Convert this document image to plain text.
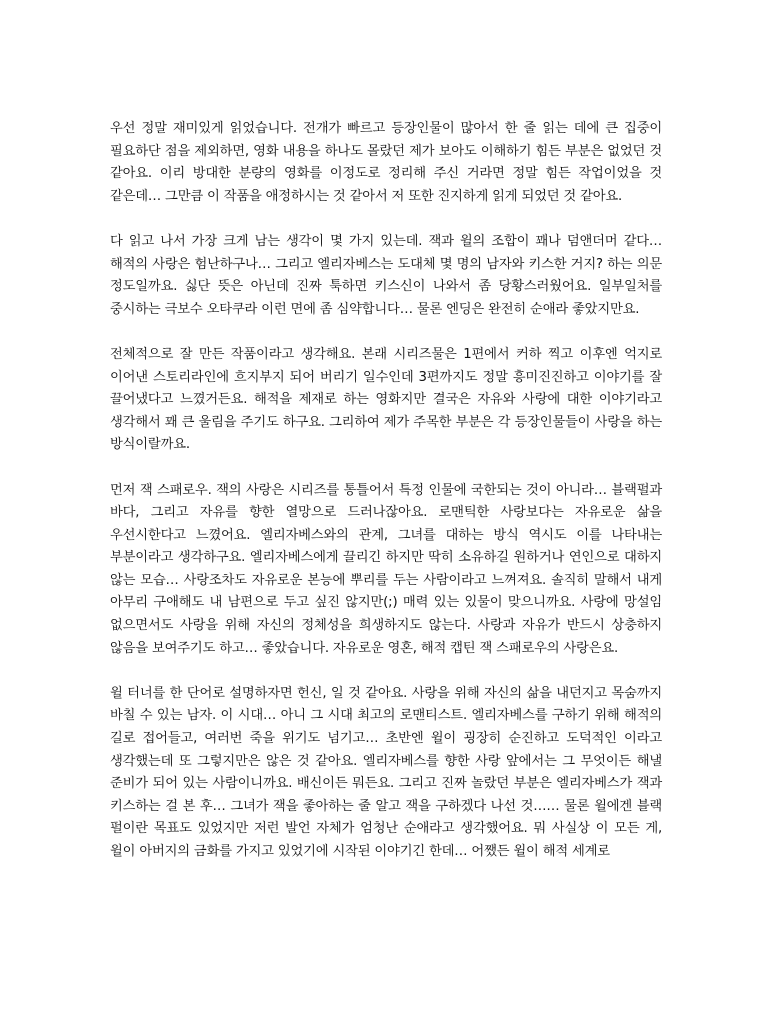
우선 정말 재미있게 읽었습니다. 전개가 빠르고 등장인물이 많아서 한 줄 읽는 데에 큰 집중이 필요하단 점을 제외하면, 영화 내용을 하나도 몰랐던 제가 보아도 이해하기 힘든 부분은 없었던 것 같아요. 이리 방대한 분량의 영화를 이정도로 정리해 주신 거라면 정말 힘든 작업이었을 것 같은데… 그만큼 이 작품을 애정하시는 것 같아서 저 또한 진지하게 읽게 되었던 것 같아요.

다 읽고 나서 가장 크게 남는 생각이 몇 가지 있는데. 잭과 윌의 조합이 꽤나 덤앤더머 같다… 해적의 사랑은 험난하구나… 그리고 엘리자베스는 도대체 몇 명의 남자와 키스한 거지? 하는 의문 정도일까요. 싫단 뜻은 아닌데 진짜 툭하면 키스신이 나와서 좀 당황스러웠어요. 일부일처를 중시하는 극보수 오타쿠라 이런 면에 좀 심약합니다… 물론 엔딩은 완전히 순애라 좋았지만요.

전체적으로 잘 만든 작품이라고 생각해요. 본래 시리즈물은 1편에서 커하 찍고 이후엔 억지로 이어낸 스토리라인에 흐지부지 되어 버리기 일수인데 3편까지도 정말 흥미진진하고 이야기를 잘 끌어냈다고 느꼈거든요. 해적을 제재로 하는 영화지만 결국은 자유와 사랑에 대한 이야기라고 생각해서 꽤 큰 울림을 주기도 하구요. 그리하여 제가 주목한 부분은 각 등장인물들이 사랑을 하는 방식이랄까요.

먼저 잭 스패로우. 잭의 사랑은 시리즈를 통틀어서 특정 인물에 국한되는 것이 아니라… 블랙펄과 바다, 그리고 자유를 향한 열망으로 드러나잖아요. 로맨틱한 사랑보다는 자유로운 삶을 우선시한다고 느꼈어요. 엘리자베스와의 관계, 그녀를 대하는 방식 역시도 이를 나타내는 부분이라고 생각하구요. 엘리자베스에게 끌리긴 하지만 딱히 소유하길 원하거나 연인으로 대하지 않는 모습… 사랑조차도 자유로운 본능에 뿌리를 두는 사람이라고 느껴져요. 솔직히 말해서 내게 아무리 구애해도 내 남편으로 두고 싶진 않지만(;) 매력 있는 있물이 맞으니까요. 사랑에 망설임 없으면서도 사랑을 위해 자신의 정체성을 희생하지도 않는다. 사랑과 자유가 반드시 상충하지 않음을 보여주기도 하고… 좋았습니다. 자유로운 영혼, 해적 캡틴 잭 스패로우의 사랑은요.

윌 터너를 한 단어로 설명하자면 헌신, 일 것 같아요. 사랑을 위해 자신의 삶을 내던지고 목숨까지 바칠 수 있는 남자. 이 시대… 아니 그 시대 최고의 로맨티스트. 엘리자베스를 구하기 위해 해적의 길로 접어들고, 여러번 죽을 위기도 넘기고… 초반엔 윌이 굉장히 순진하고 도덕적인 이라고 생각했는데 또 그렇지만은 않은 것 같아요. 엘리자베스를 향한 사랑 앞에서는 그 무엇이든 해낼 준비가 되어 있는 사람이니까요. 배신이든 뭐든요. 그리고 진짜 놀랐던 부분은 엘리자베스가 잭과 키스하는 걸 본 후… 그녀가 잭을 좋아하는 줄 알고 잭을 구하겠다 나선 것…… 물론 윌에겐 블랙 펄이란 목표도 있었지만 저런 발언 자체가 엄청난 순애라고 생각했어요. 뭐 사실상 이 모든 게, 윌이 아버지의 금화를 가지고 있었기에 시작된 이야기긴 한데… 어쨌든 윌이 해적 세계로
